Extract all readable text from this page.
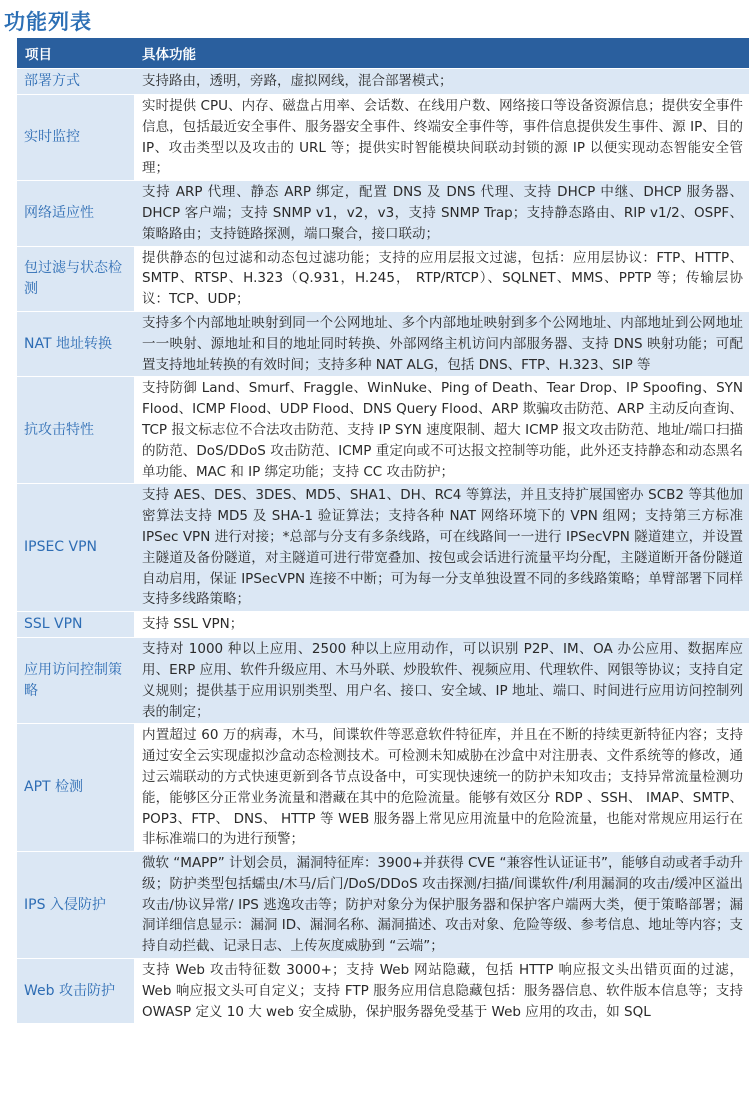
功能列表
项目	具体功能
部署方式	支持路由，透明，旁路，虚拟网线，混合部署模式；
实时监控	实时提供 CPU、内存、磁盘占用率、会话数、在线用户数、网络接口等设备资源信息；提供安全事件信息，包括最近安全事件、服务器安全事件、终端安全事件等，事件信息提供发生事件、源 IP、目的 IP、攻击类型以及攻击的 URL 等；提供实时智能模块间联动封锁的源 IP 以便实现动态智能安全管理；
网络适应性	支持 ARP 代理、静态 ARP 绑定，配置 DNS 及 DNS 代理、支持 DHCP 中继、DHCP 服务器、DHCP 客户端；支持 SNMP v1，v2，v3，支持 SNMP Trap；支持静态路由、RIP v1/2、OSPF、策略路由；支持链路探测，端口聚合，接口联动；
包过滤与状态检测	提供静态的包过滤和动态包过滤功能；支持的应用层报文过滤，包括：应用层协议：FTP、HTTP、SMTP、RTSP、H.323（Q.931，H.245， RTP/RTCP）、SQLNET、MMS、PPTP 等；传输层协议：TCP、UDP；
NAT 地址转换	支持多个内部地址映射到同一个公网地址、多个内部地址映射到多个公网地址、内部地址到公网地址一一映射、源地址和目的地址同时转换、外部网络主机访问内部服务器、支持 DNS 映射功能；可配置支持地址转换的有效时间；支持多种 NAT ALG，包括 DNS、FTP、H.323、SIP 等
抗攻击特性	支持防御 Land、Smurf、Fraggle、WinNuke、Ping of Death、Tear Drop、IP Spoofing、SYN Flood、ICMP Flood、UDP Flood、DNS Query Flood、ARP 欺骗攻击防范、ARP 主动反向查询、TCP 报文标志位不合法攻击防范、支持 IP SYN 速度限制、超大 ICMP 报文攻击防范、地址/端口扫描的防范、DoS/DDoS 攻击防范、ICMP 重定向或不可达报文控制等功能，此外还支持静态和动态黑名单功能、MAC 和 IP 绑定功能；支持 CC 攻击防护；
IPSEC VPN	支持 AES、DES、3DES、MD5、SHA1、DH、RC4 等算法，并且支持扩展国密办 SCB2 等其他加密算法支持 MD5 及 SHA-1 验证算法；支持各种 NAT 网络环境下的 VPN 组网；支持第三方标准 IPSec VPN 进行对接；*总部与分支有多条线路，可在线路间一一进行 IPSecVPN 隧道建立，并设置主隧道及备份隧道，对主隧道可进行带宽叠加、按包或会话进行流量平均分配，主隧道断开备份隧道自动启用，保证 IPSecVPN 连接不中断；可为每一分支单独设置不同的多线路策略；单臂部署下同样支持多线路策略；
SSL VPN	支持 SSL VPN；
应用访问控制策略	支持对 1000 种以上应用、2500 种以上应用动作，可以识别 P2P、IM、OA 办公应用、数据库应用、ERP 应用、软件升级应用、木马外联、炒股软件、视频应用、代理软件、网银等协议；支持自定义规则；提供基于应用识别类型、用户名、接口、安全域、IP 地址、端口、时间进行应用访问控制列表的制定；
APT 检测	内置超过 60 万的病毒，木马，间谍软件等恶意软件特征库，并且在不断的持续更新特征内容；支持通过安全云实现虚拟沙盒动态检测技术。可检测未知威胁在沙盒中对注册表、文件系统等的修改，通过云端联动的方式快速更新到各节点设备中，可实现快速统一的防护未知攻击；支持异常流量检测功能，能够区分正常业务流量和潜藏在其中的危险流量。能够有效区分 RDP 、SSH、 IMAP、SMTP、POP3、FTP、 DNS、 HTTP 等 WEB 服务器上常见应用流量中的危险流量，也能对常规应用运行在非标准端口的为进行预警；
IPS 入侵防护	微软 “MAPP” 计划会员，漏洞特征库：3900+并获得 CVE “兼容性认证证书”，能够自动或者手动升级；防护类型包括蠕虫/木马/后门/DoS/DDoS 攻击探测/扫描/间谍软件/利用漏洞的攻击/缓冲区溢出攻击/协议异常/ IPS 逃逸攻击等；防护对象分为保护服务器和保护客户端两大类，便于策略部署；漏洞详细信息显示：漏洞 ID、漏洞名称、漏洞描述、攻击对象、危险等级、参考信息、地址等内容；支持自动拦截、记录日志、上传灰度威胁到 “云端”；
Web 攻击防护	支持 Web 攻击特征数 3000+；支持 Web 网站隐藏，包括 HTTP 响应报文头出错页面的过滤，Web 响应报文头可自定义；支持 FTP 服务应用信息隐藏包括：服务器信息、软件版本信息等；支持 OWASP 定义 10 大 web 安全威胁，保护服务器免受基于 Web 应用的攻击，如 SQL
